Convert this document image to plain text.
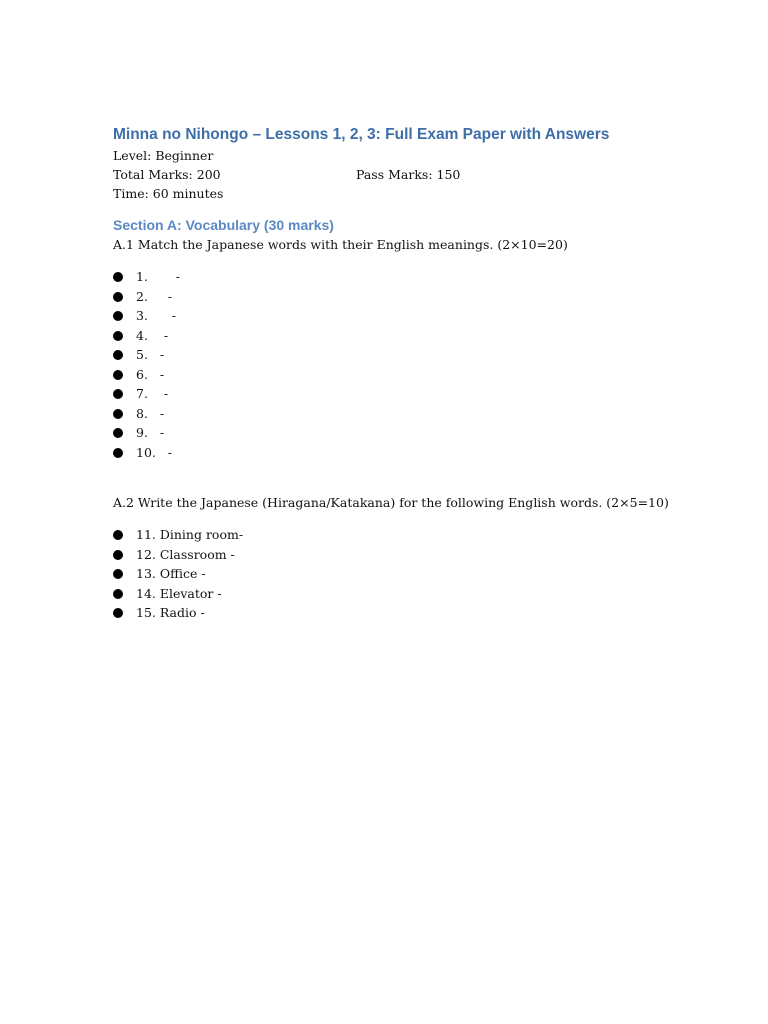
Minna no Nihongo – Lessons 1, 2, 3: Full Exam Paper with Answers

Level: Beginner

Total Marks: 200	Pass Marks: 150

Time: 60 minutes

Section A: Vocabulary (30 marks)

A.1 Match the Japanese words with their English meanings. (2×10=20)

1.       -
2.     -
3.      -
4.    -
5.   -
6.   -
7.    -
8.   -
9.   -
10.   -

A.2 Write the Japanese (Hiragana/Katakana) for the following English words. (2×5=10)

11. Dining room-
12. Classroom -
13. Office -
14. Elevator -
15. Radio -
